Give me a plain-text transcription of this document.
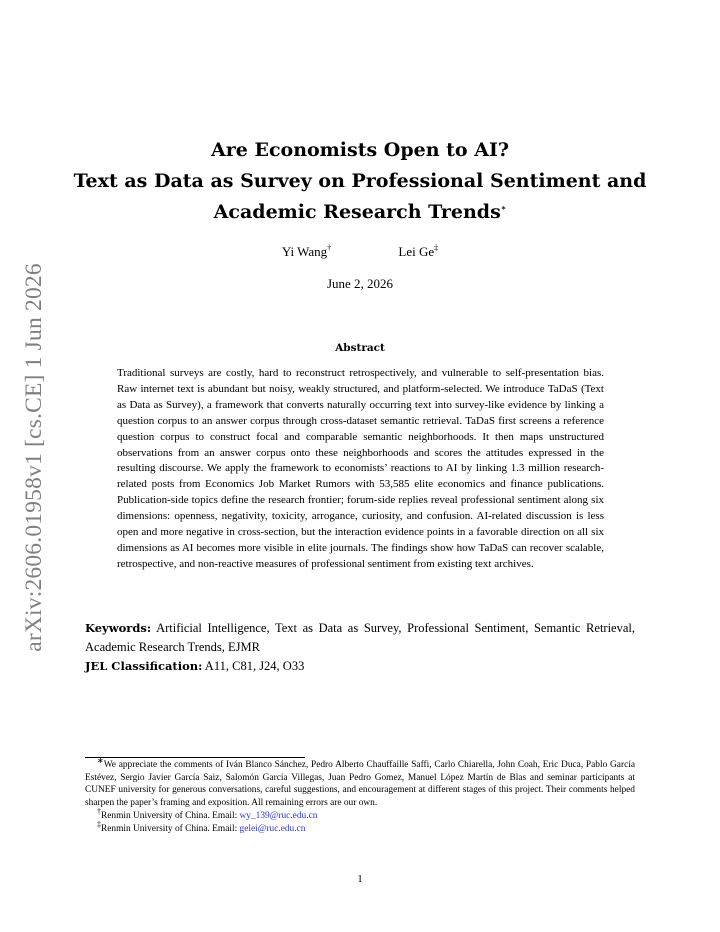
arXiv:2606.01958v1 [cs.CE] 1 Jun 2026
Are Economists Open to AI?
Text as Data as Survey on Professional Sentiment and
Academic Research Trends∗
Yi Wang†	Lei Ge‡
June 2, 2026
Abstract
Traditional surveys are costly, hard to reconstruct retrospectively, and vulnerable to self-presentation bias. Raw internet text is abundant but noisy, weakly structured, and platform-selected. We introduce TaDaS (Text as Data as Survey), a framework that converts naturally occurring text into survey-like evidence by linking a question corpus to an answer corpus through cross-dataset semantic retrieval. TaDaS first screens a reference question corpus to construct focal and comparable semantic neighborhoods. It then maps unstructured observations from an answer corpus onto these neighborhoods and scores the attitudes expressed in the resulting discourse. We apply the framework to economists’ reactions to AI by linking 1.3 million research-related posts from Economics Job Market Rumors with 53,585 elite economics and finance publications. Publication-side topics define the research frontier; forum-side replies reveal professional sentiment along six dimensions: openness, negativity, toxicity, arrogance, curiosity, and confusion. AI-related discussion is less open and more negative in cross-section, but the interaction evidence points in a favorable direction on all six dimensions as AI becomes more visible in elite journals. The findings show how TaDaS can recover scalable, retrospective, and non-reactive measures of professional sentiment from existing text archives.
Keywords: Artificial Intelligence, Text as Data as Survey, Professional Sentiment, Semantic Retrieval, Academic Research Trends, EJMR
JEL Classification: A11, C81, J24, O33

∗We appreciate the comments of Iván Blanco Sánchez, Pedro Alberto Chauffaille Saffi, Carlo Chiarella, John Coah, Eric Duca, Pablo García Estévez, Sergio Javier García Saiz, Salomón García Villegas, Juan Pedro Gomez, Manuel López Martín de Blas and seminar participants at CUNEF university for generous conversations, careful suggestions, and encouragement at different stages of this project. Their comments helped sharpen the paper’s framing and exposition. All remaining errors are our own.

†Renmin University of China. Email: wy_139@ruc.edu.cn

‡Renmin University of China. Email: gelei@ruc.edu.cn

1
